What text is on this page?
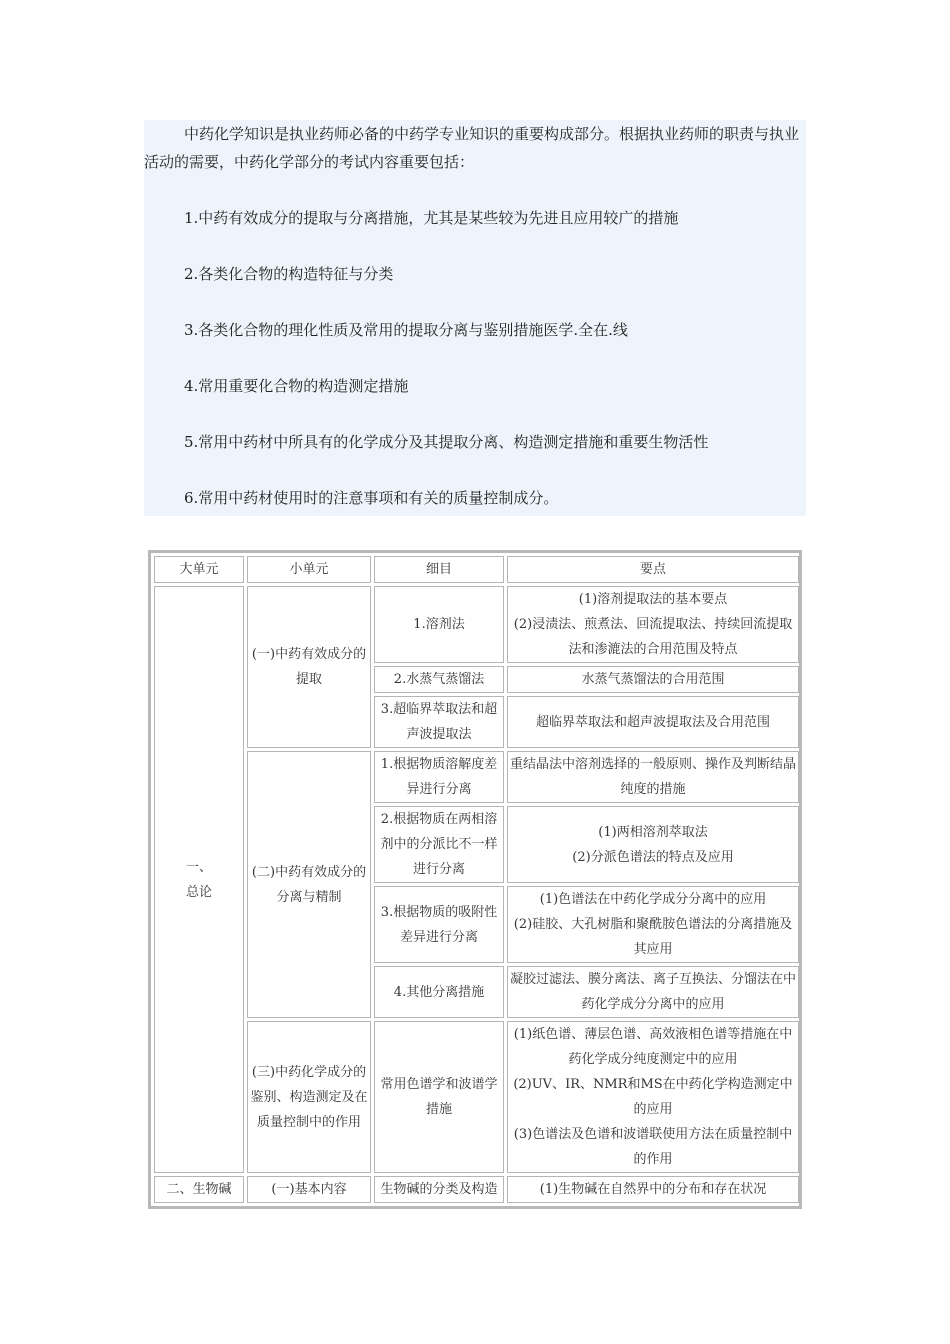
中药化学知识是执业药师必备的中药学专业知识的重要构成部分。根据执业药师的职责与执业活动的需要，中药化学部分的考试内容重要包括：

1.中药有效成分的提取与分离措施，尤其是某些较为先进且应用较广的措施

2.各类化合物的构造特征与分类

3.各类化合物的理化性质及常用的提取分离与鉴别措施医学.全在.线

4.常用重要化合物的构造测定措施

5.常用中药材中所具有的化学成分及其提取分离、构造测定措施和重要生物活性

6.常用中药材使用时的注意事项和有关的质量控制成分。

大单元	小单元	细目	要点
一、
总论	(一)中药有效成分的提取	1.溶剂法	(1)溶剂提取法的基本要点
(2)浸渍法、煎煮法、回流提取法、持续回流提取法和渗漉法的合用范围及特点
		2.水蒸气蒸馏法	水蒸气蒸馏法的合用范围
		3.超临界萃取法和超声波提取法	超临界萃取法和超声波提取法及合用范围
	(二)中药有效成分的分离与精制	1.根据物质溶解度差异进行分离	重结晶法中溶剂选择的一般原则、操作及判断结晶纯度的措施
		2.根据物质在两相溶剂中的分派比不一样进行分离	(1)两相溶剂萃取法
(2)分派色谱法的特点及应用
		3.根据物质的吸附性差异进行分离	(1)色谱法在中药化学成分分离中的应用
(2)硅胶、大孔树脂和聚酰胺色谱法的分离措施及其应用
		4.其他分离措施	凝胶过滤法、膜分离法、离子互换法、分馏法在中药化学成分分离中的应用
	(三)中药化学成分的鉴别、构造测定及在质量控制中的作用	常用色谱学和波谱学措施	(1)纸色谱、薄层色谱、高效液相色谱等措施在中药化学成分纯度测定中的应用
(2)UV、IR、NMR和MS在中药化学构造测定中的应用
(3)色谱法及色谱和波谱联使用方法在质量控制中的作用
二、生物碱	(一)基本内容	生物碱的分类及构造	(1)生物碱在自然界中的分布和存在状况
